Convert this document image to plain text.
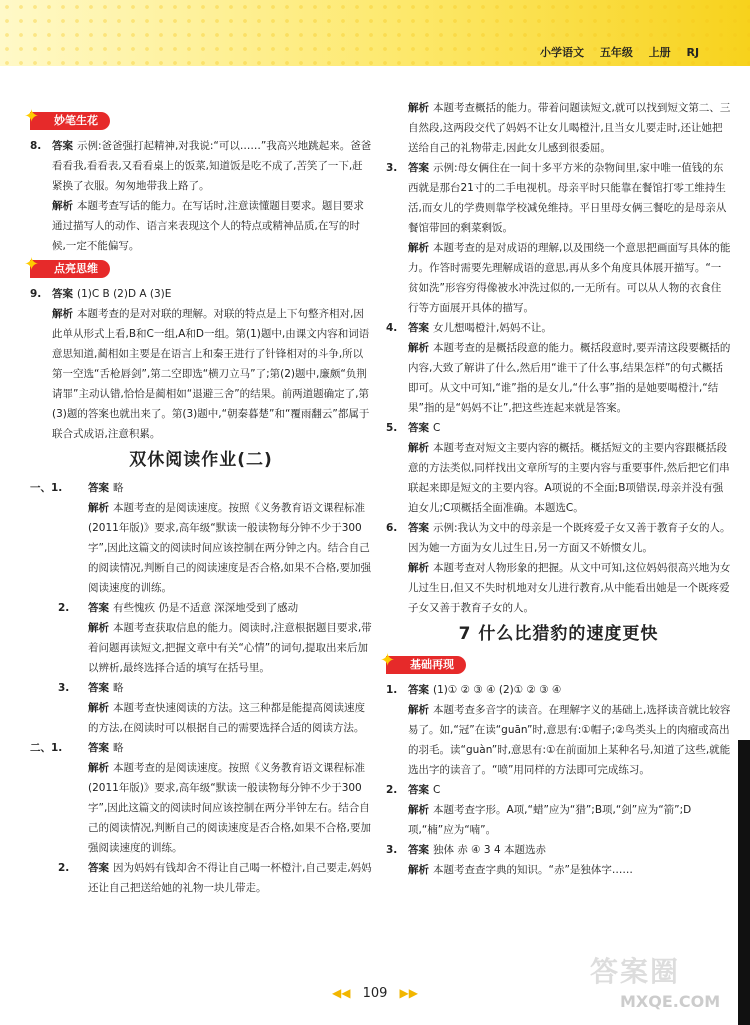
小学语文 五年级 上册 RJ
✦ 妙笔生花
8. 答案 示例:爸爸强打起精神,对我说:“可以……”我高兴地跳起来。爸爸看看我,看看表,又看看桌上的饭菜,知道饭是吃不成了,苦笑了一下,赶紧换了衣服。匆匆地带我上路了。

解析 本题考查写话的能力。在写话时,注意读懂题目要求。题目要求通过描写人的动作、语言来表现这个人的特点或精神品质,在写的时候,一定不能偏写。

✦ 点亮思维
9. 答案 (1)C B (2)D A (3)E

解析 本题考查的是对对联的理解。对联的特点是上下句整齐相对,因此单从形式上看,B和C一组,A和D一组。第(1)题中,由课文内容和词语意思知道,蔺相如主要是在语言上和秦王进行了针锋相对的斗争,所以第一空选“舌枪唇剑”,第二空即选“横刀立马”了;第(2)题中,廉颇“负荆请罪”主动认错,恰恰是蔺相如“退避三舍”的结果。前两道题确定了,第(3)题的答案也就出来了。第(3)题中,“朝秦暮楚”和“覆雨翻云”都属于联合式成语,注意积累。

双休阅读作业(二)
一、1. 答案 略

解析 本题考查的是阅读速度。按照《义务教育语文课程标准(2011年版)》要求,高年级“默读一般读物每分钟不少于300字”,因此这篇文的阅读时间应该控制在两分钟之内。结合自己的阅读情况,判断自己的阅读速度是否合格,如果不合格,要加强阅读速度的训练。

2. 答案 有些愧疚 仍是不适意 深深地受到了感动

解析 本题考查获取信息的能力。阅读时,注意根据题目要求,带着问题再读短文,把握文章中有关“心情”的词句,提取出来后加以辨析,最终选择合适的填写在括号里。

3. 答案 略

解析 本题考查快速阅读的方法。这三种都是能提高阅读速度的方法,在阅读时可以根据自己的需要选择合适的阅读方法。

二、1. 答案 略

解析 本题考查的是阅读速度。按照《义务教育语文课程标准(2011年版)》要求,高年级“默读一般读物每分钟不少于300字”,因此这篇文的阅读时间应该控制在两分半钟左右。结合自己的阅读情况,判断自己的阅读速度是否合格,如果不合格,要加强阅读速度的训练。

2. 答案 因为妈妈有钱却舍不得让自己喝一杯橙汁,自己要走,妈妈还让自己把送给她的礼物一块儿带走。

解析 本题考查概括的能力。带着问题读短文,就可以找到短文第二、三自然段,这两段交代了妈妈不让女儿喝橙汁,且当女儿要走时,还让她把送给自己的礼物带走,因此女儿感到很委屈。

3. 答案 示例:母女俩住在一间十多平方米的杂物间里,家中唯一值钱的东西就是那台21寸的二手电视机。母亲平时只能靠在餐馆打零工维持生活,而女儿的学费则靠学校减免维持。平日里母女俩三餐吃的是母亲从餐馆带回的剩菜剩饭。

解析 本题考查的是对成语的理解,以及围绕一个意思把画面写具体的能力。作答时需要先理解成语的意思,再从多个角度具体展开描写。“一贫如洗”形容穷得像被水冲洗过似的,一无所有。可以从人物的衣食住行等方面展开具体的描写。

4. 答案 女儿想喝橙汁,妈妈不让。

解析 本题考查的是概括段意的能力。概括段意时,要弄清这段要概括的内容,大致了解讲了什么,然后用“谁干了什么事,结果怎样”的句式概括即可。从文中可知,“谁”指的是女儿,“什么事”指的是她要喝橙汁,“结果”指的是“妈妈不让”,把这些连起来就是答案。

5. 答案 C

解析 本题考查对短文主要内容的概括。概括短文的主要内容跟概括段意的方法类似,同样找出文章所写的主要内容与重要事件,然后把它们串联起来即是短文的主要内容。A项说的不全面;B项错误,母亲并没有强迫女儿;C项概括全面准确。本题选C。

6. 答案 示例:我认为文中的母亲是一个既疼爱子女又善于教育子女的人。因为她一方面为女儿过生日,另一方面又不娇惯女儿。

解析 本题考查对人物形象的把握。从文中可知,这位妈妈很高兴地为女儿过生日,但又不失时机地对女儿进行教育,从中能看出她是一个既疼爱子女又善于教育子女的人。

7 什么比猎豹的速度更快
✦ 基础再现
1. 答案 (1)① ② ③ ④ (2)① ② ③ ④

解析 本题考查多音字的读音。在理解字义的基础上,选择读音就比较容易了。如,“冠”在读“guān”时,意思有:①帽子;②鸟类头上的肉瘤或高出的羽毛。读“guàn”时,意思有:①在前面加上某种名号,知道了这些,就能选出字的读音了。“喷”用同样的方法即可完成练习。

2. 答案 C

解析 本题考查字形。A项,“蜡”应为“猎”;B项,“剑”应为“箭”;D项,“楠”应为“喃”。

3. 答案 独体 赤 ④ 3 4 本题选赤

解析 本题考查查字典的知识。“赤”是独体字……

答案圈
MXQE.COM
◀◀ 109 ▶▶
